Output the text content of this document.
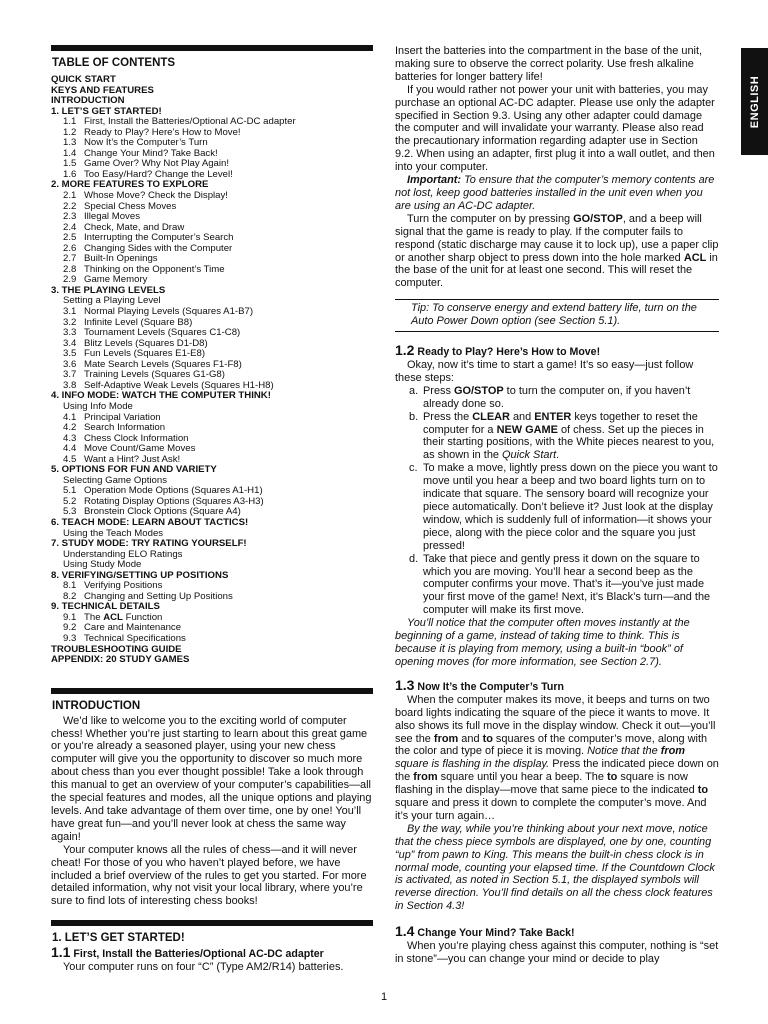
TABLE OF CONTENTS
QUICK START
KEYS AND FEATURES
INTRODUCTION
1. LET’S GET STARTED!
1.1 First, Install the Batteries/Optional AC-DC adapter
1.2 Ready to Play? Here’s How to Move!
1.3 Now It’s the Computer’s Turn
1.4 Change Your Mind? Take Back!
1.5 Game Over? Why Not Play Again!
1.6 Too Easy/Hard? Change the Level!
2. MORE FEATURES TO EXPLORE
2.1 Whose Move? Check the Display!
2.2 Special Chess Moves
2.3 Illegal Moves
2.4 Check, Mate, and Draw
2.5 Interrupting the Computer’s Search
2.6 Changing Sides with the Computer
2.7 Built-In Openings
2.8 Thinking on the Opponent’s Time
2.9 Game Memory
3. THE PLAYING LEVELS
Setting a Playing Level
3.1 Normal Playing Levels (Squares A1-B7)
3.2 Infinite Level (Square B8)
3.3 Tournament Levels (Squares C1-C8)
3.4 Blitz Levels (Squares D1-D8)
3.5 Fun Levels (Squares E1-E8)
3.6 Mate Search Levels (Squares F1-F8)
3.7 Training Levels (Squares G1-G8)
3.8 Self-Adaptive Weak Levels (Squares H1-H8)
4. INFO MODE: WATCH THE COMPUTER THINK!
Using Info Mode
4.1 Principal Variation
4.2 Search Information
4.3 Chess Clock Information
4.4 Move Count/Game Moves
4.5 Want a Hint? Just Ask!
5. OPTIONS FOR FUN AND VARIETY
Selecting Game Options
5.1 Operation Mode Options (Squares A1-H1)
5.2 Rotating Display Options (Squares A3-H3)
5.3 Bronstein Clock Options (Square A4)
6. TEACH MODE: LEARN ABOUT TACTICS!
Using the Teach Modes
7. STUDY MODE: TRY RATING YOURSELF!
Understanding ELO Ratings
Using Study Mode
8. VERIFYING/SETTING UP POSITIONS
8.1 Verifying Positions
8.2 Changing and Setting Up Positions
9. TECHNICAL DETAILS
9.1 The ACL Function
9.2 Care and Maintenance
9.3 Technical Specifications
TROUBLESHOOTING GUIDE
APPENDIX: 20 STUDY GAMES
INTRODUCTION

We’d like to welcome you to the exciting world of computer chess! Whether you’re just starting to learn about this great game or you’re already a seasoned player, using your new chess computer will give you the opportunity to discover so much more about chess than you ever thought possible! Take a look through this manual to get an overview of your computer’s capabilities—all the special features and modes, all the unique options and playing levels. And take advantage of them over time, one by one! You’ll have great fun—and you’ll never look at chess the same way again!

Your computer knows all the rules of chess—and it will never cheat! For those of you who haven’t played before, we have included a brief overview of the rules to get you started. For more detailed information, why not visit your local library, where you’re sure to find lots of interesting chess books!

1. LET’S GET STARTED!
1.1 First, Install the Batteries/Optional AC-DC adapter

Your computer runs on four “C” (Type AM2/R14) batteries.

Insert the batteries into the compartment in the base of the unit, making sure to observe the correct polarity. Use fresh alkaline batteries for longer battery life!

If you would rather not power your unit with batteries, you may purchase an optional AC-DC adapter. Please use only the adapter specified in Section 9.3. Using any other adapter could damage the computer and will invalidate your warranty. Please also read the precautionary information regarding adapter use in Section 9.2. When using an adapter, first plug it into a wall outlet, and then into your computer.

Important: To ensure that the computer’s memory contents are not lost, keep good batteries installed in the unit even when you are using an AC-DC adapter.

Turn the computer on by pressing GO/STOP, and a beep will signal that the game is ready to play. If the computer fails to respond (static discharge may cause it to lock up), use a paper clip or another sharp object to press down into the hole marked ACL in the base of the unit for at least one second. This will reset the computer.

Tip: To conserve energy and extend battery life, turn on the Auto Power Down option (see Section 5.1).
1.2 Ready to Play? Here’s How to Move!

Okay, now it’s time to start a game! It’s so easy—just follow these steps:

a. Press GO/STOP to turn the computer on, if you haven’t already done so.
b. Press the CLEAR and ENTER keys together to reset the computer for a NEW GAME of chess. Set up the pieces in their starting positions, with the White pieces nearest to you, as shown in the Quick Start.
c. To make a move, lightly press down on the piece you want to move until you hear a beep and two board lights turn on to indicate that square. The sensory board will recognize your piece automatically. Don’t believe it? Just look at the display window, which is suddenly full of information—it shows your piece, along with the piece color and the square you just pressed!
d. Take that piece and gently press it down on the square to which you are moving. You’ll hear a second beep as the computer confirms your move. That’s it—you’ve just made your first move of the game! Next, it’s Black’s turn—and the computer will make its first move.

You’ll notice that the computer often moves instantly at the beginning of a game, instead of taking time to think. This is because it is playing from memory, using a built-in “book” of opening moves (for more information, see Section 2.7).

1.3 Now It’s the Computer’s Turn

When the computer makes its move, it beeps and turns on two board lights indicating the square of the piece it wants to move. It also shows its full move in the display window. Check it out—you’ll see the from and to squares of the computer’s move, along with the color and type of piece it is moving. Notice that the from square is flashing in the display. Press the indicated piece down on the from square until you hear a beep. The to square is now flashing in the display—move that same piece to the indicated to square and press it down to complete the computer’s move. And it’s your turn again…

By the way, while you’re thinking about your next move, notice that the chess piece symbols are displayed, one by one, counting “up” from pawn to King. This means the built-in chess clock is in normal mode, counting your elapsed time. If the Countdown Clock is activated, as noted in Section 5.1, the displayed symbols will reverse direction. You’ll find details on all the chess clock features in Section 4.3!

1.4 Change Your Mind? Take Back!

When you’re playing chess against this computer, nothing is “set in stone”—you can change your mind or decide to play

ENGLISH
1
